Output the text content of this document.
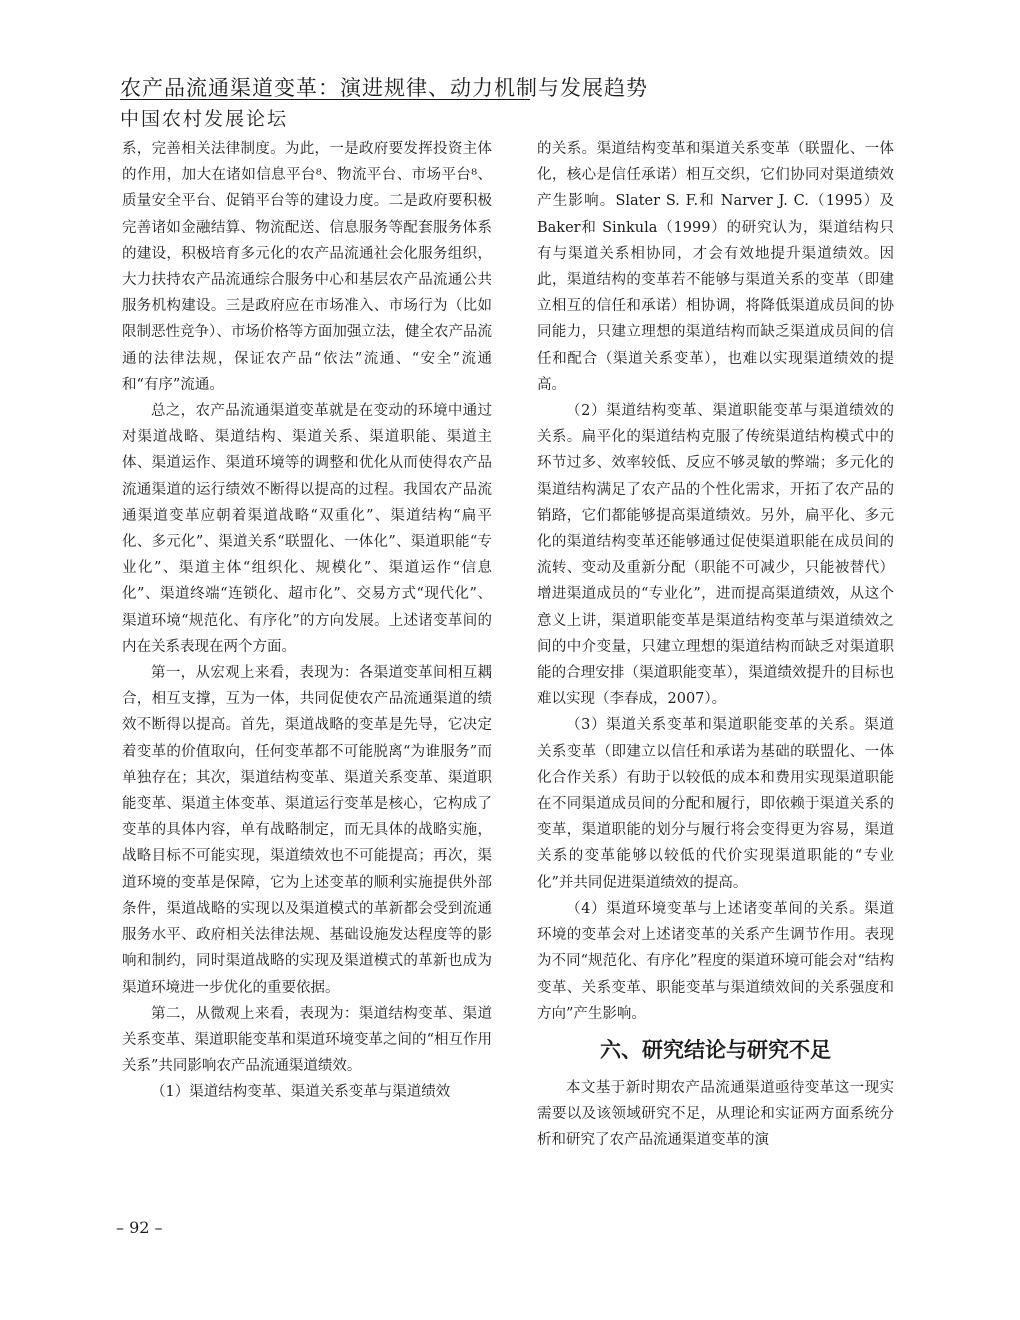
农产品流通渠道变革：演进规律、动力机制与发展趋势
中国农村发展论坛

系，完善相关法律制度。为此，一是政府要发挥投资主体的作用，加大在诸如信息平台⁸、物流平台、市场平台⁸、质量安全平台、促销平台等的建设力度。二是政府要积极完善诸如金融结算、物流配送、信息服务等配套服务体系的建设，积极培育多元化的农产品流通社会化服务组织，大力扶持农产品流通综合服务中心和基层农产品流通公共服务机构建设。三是政府应在市场准入、市场行为（比如限制恶性竞争）、市场价格等方面加强立法，健全农产品流通的法律法规，保证农产品“依法”流通、“安全”流通和“有序”流通。

总之，农产品流通渠道变革就是在变动的环境中通过对渠道战略、渠道结构、渠道关系、渠道职能、渠道主体、渠道运作、渠道环境等的调整和优化从而使得农产品流通渠道的运行绩效不断得以提高的过程。我国农产品流通渠道变革应朝着渠道战略“双重化”、渠道结构“扁平化、多元化”、渠道关系“联盟化、一体化”、渠道职能“专业化”、渠道主体“组织化、规模化”、渠道运作“信息化”、渠道终端“连锁化、超市化”、交易方式“现代化”、渠道环境“规范化、有序化”的方向发展。上述诸变革间的内在关系表现在两个方面。

第一，从宏观上来看，表现为：各渠道变革间相互耦合，相互支撑，互为一体，共同促使农产品流通渠道的绩效不断得以提高。首先，渠道战略的变革是先导，它决定着变革的价值取向，任何变革都不可能脱离“为谁服务”而单独存在；其次，渠道结构变革、渠道关系变革、渠道职能变革、渠道主体变革、渠道运行变革是核心，它构成了变革的具体内容，单有战略制定，而无具体的战略实施，战略目标不可能实现，渠道绩效也不可能提高；再次，渠道环境的变革是保障，它为上述变革的顺利实施提供外部条件，渠道战略的实现以及渠道模式的革新都会受到流通服务水平、政府相关法律法规、基础设施发达程度等的影响和制约，同时渠道战略的实现及渠道模式的革新也成为渠道环境进一步优化的重要依据。

第二，从微观上来看，表现为：渠道结构变革、渠道关系变革、渠道职能变革和渠道环境变革之间的“相互作用关系”共同影响农产品流通渠道绩效。

（1）渠道结构变革、渠道关系变革与渠道绩效

的关系。渠道结构变革和渠道关系变革（联盟化、一体化，核心是信任承诺）相互交织，它们协同对渠道绩效产生影响。Slater S. F.和 Narver J. C.（1995）及 Baker和 Sinkula（1999）的研究认为，渠道结构只有与渠道关系相协同，才会有效地提升渠道绩效。因此，渠道结构的变革若不能够与渠道关系的变革（即建立相互的信任和承诺）相协调，将降低渠道成员间的协同能力，只建立理想的渠道结构而缺乏渠道成员间的信任和配合（渠道关系变革），也难以实现渠道绩效的提高。

（2）渠道结构变革、渠道职能变革与渠道绩效的关系。扁平化的渠道结构克服了传统渠道结构模式中的环节过多、效率较低、反应不够灵敏的弊端；多元化的渠道结构满足了农产品的个性化需求，开拓了农产品的销路，它们都能够提高渠道绩效。另外，扁平化、多元化的渠道结构变革还能够通过促使渠道职能在成员间的流转、变动及重新分配（职能不可减少，只能被替代）增进渠道成员的“专业化”，进而提高渠道绩效，从这个意义上讲，渠道职能变革是渠道结构变革与渠道绩效之间的中介变量，只建立理想的渠道结构而缺乏对渠道职能的合理安排（渠道职能变革），渠道绩效提升的目标也难以实现（李春成，2007）。

（3）渠道关系变革和渠道职能变革的关系。渠道关系变革（即建立以信任和承诺为基础的联盟化、一体化合作关系）有助于以较低的成本和费用实现渠道职能在不同渠道成员间的分配和履行，即依赖于渠道关系的变革，渠道职能的划分与履行将会变得更为容易，渠道关系的变革能够以较低的代价实现渠道职能的“专业化”并共同促进渠道绩效的提高。

（4）渠道环境变革与上述诸变革间的关系。渠道环境的变革会对上述诸变革的关系产生调节作用。表现为不同“规范化、有序化”程度的渠道环境可能会对“结构变革、关系变革、职能变革与渠道绩效间的关系强度和方向”产生影响。

六、研究结论与研究不足

本文基于新时期农产品流通渠道亟待变革这一现实需要以及该领域研究不足，从理论和实证两方面系统分析和研究了农产品流通渠道变革的演

– 92 –
